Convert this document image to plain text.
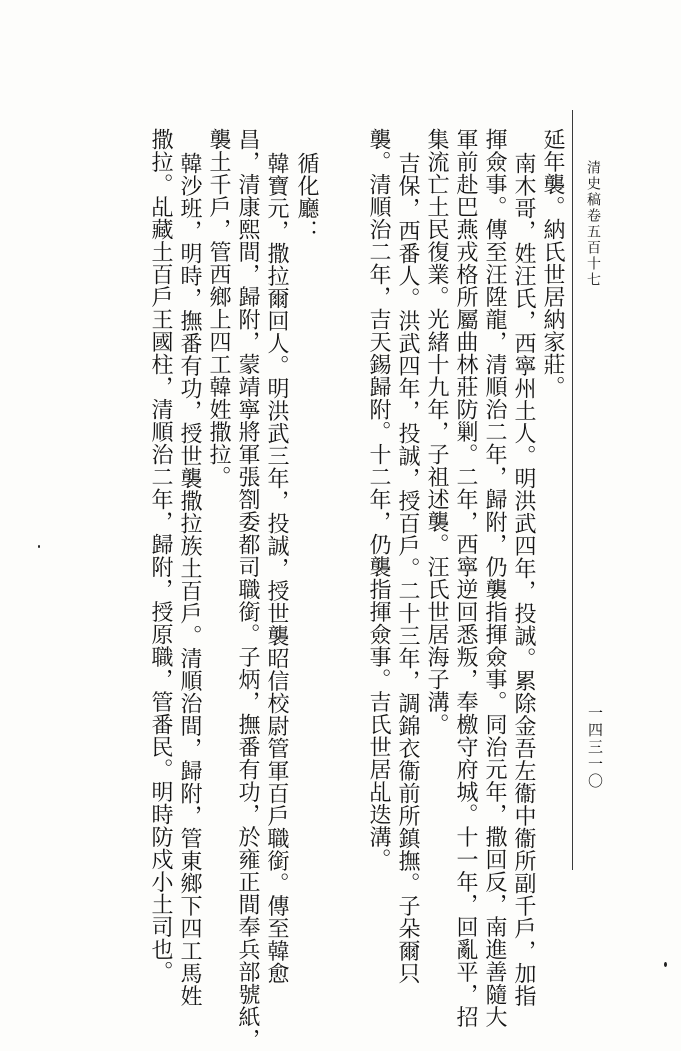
清史稿卷五百十七
一四三一〇
延年襲。納氏世居納家莊。
南木哥，姓汪氏，西寧州土人。明洪武四年，投誠。累除金吾左衞中衞所副千戶，加指
揮僉事。傳至汪陞龍，清順治二年，歸附，仍襲指揮僉事。同治元年，撒回反，南進善隨大
軍前赴巴燕戎格所屬曲林莊防剿。二年，西寧逆回悉叛，奉檄守府城。十一年，回亂平，招
集流亡土民復業。光緒十九年，子祖述襲。汪氏世居海子溝。
吉保，西番人。洪武四年，投誠，授百戶。二十三年，調錦衣衞前所鎮撫。子朵爾只
襲。清順治二年，吉天錫歸附。十二年，仍襲指揮僉事。吉氏世居乩迭溝。
循化廳：
韓寶元，撒拉爾回人。明洪武三年，投誠，授世襲昭信校尉管軍百戶職銜。傳至韓愈
昌，清康熙間，歸附，蒙靖寧將軍張劄委都司職銜。子炳，撫番有功，於雍正間奉兵部號紙，
襲土千戶，管西鄉上四工韓姓撒拉。
韓沙班，明時，撫番有功，授世襲撒拉族土百戶。清順治間，歸附，管東鄉下四工馬姓
撒拉。乩藏土百戶王國柱，清順治二年，歸附，授原職，管番民。明時防戍小土司也。
